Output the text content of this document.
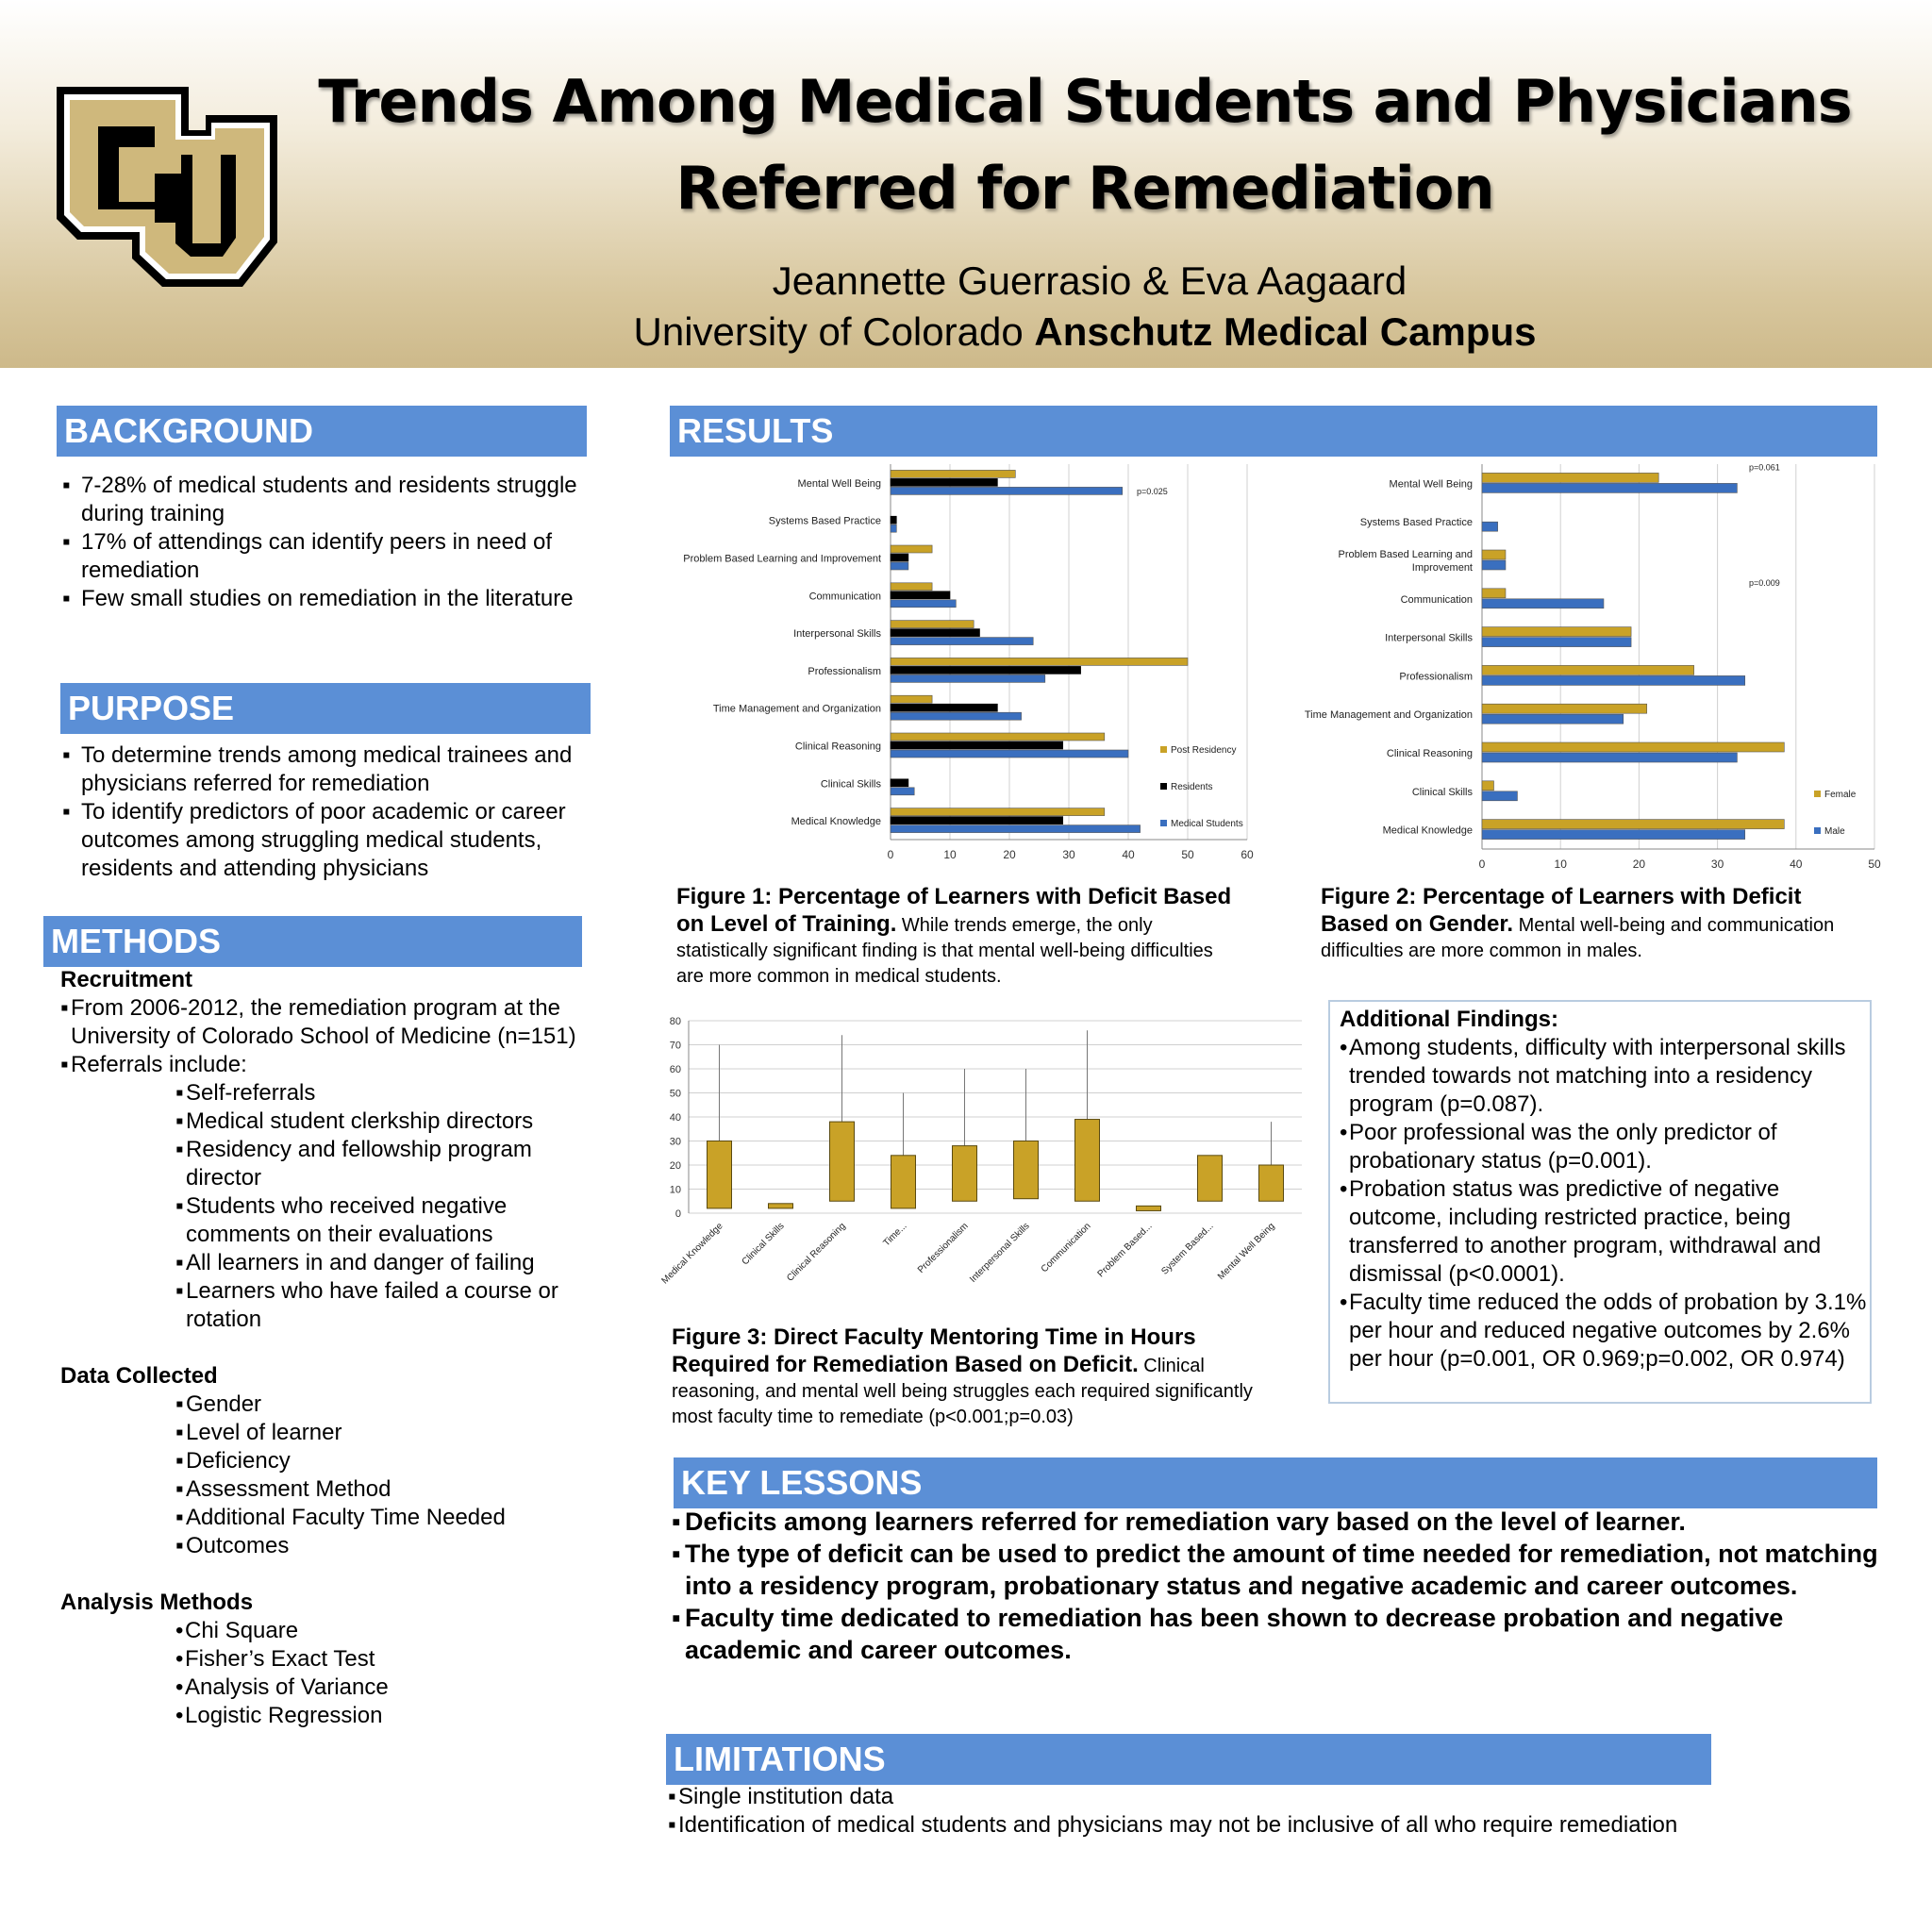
Trends Among Medical Students and Physicians
Referred for Remediation
Jeannette Guerrasio & Eva Aagaard
University of Colorado Anschutz Medical Campus
BACKGROUND
▪ 7-28% of medical students and residents struggle during training
▪ 17% of attendings can identify peers in need of remediation
▪ Few small studies on remediation in the literature
PURPOSE
▪ To determine trends among medical trainees and physicians referred for remediation
▪ To identify predictors of poor academic or career outcomes among struggling medical students, residents and attending physicians
METHODS
Recruitment
▪ From 2006-2012, the remediation program at the University of Colorado School of Medicine (n=151)
▪ Referrals include:
▪ Self-referrals
▪ Medical student clerkship directors
▪ Residency and fellowship program director
▪ Students who received negative comments on their evaluations
▪ All learners in and danger of failing
▪ Learners who have failed a course or rotation
Data Collected
▪ Gender
▪ Level of learner
▪ Deficiency
▪ Assessment Method
▪ Additional Faculty Time Needed
▪ Outcomes
Analysis Methods
• Chi Square
• Fisher’s Exact Test
• Analysis of Variance
• Logistic Regression
RESULTS
0	10	20	30	40	50	60
Mental Well Being
Systems Based Practice
Problem Based Learning and Improvement
Communication
Interpersonal Skills
Professionalism
Time Management and Organization
Clinical Reasoning
Clinical Skills
Medical Knowledge
p=0.025
Post Residency
Residents
Medical Students
0	10	20	30	40	50
Mental Well Being
Systems Based Practice
Problem Based Learning and
Improvement
Communication
Interpersonal Skills
Professionalism
Time Management and Organization
Clinical Reasoning
Clinical Skills
Medical Knowledge
p=0.061
p=0.009
Female
Male
Figure 1: Percentage of Learners with Deficit Based on Level of Training. While trends emerge, the only statistically significant finding is that mental well-being difficulties are more common in medical students.
Figure 2: Percentage of Learners with Deficit Based on Gender. Mental well-being and communication difficulties are more common in males.
0
10
20
30
40
50
60
70
80
Medical Knowledge Clinical Skills
Clinical Reasoning	Time... Professionalism
Interpersonal Skills Communication Problem Based... System Based... Mental Well Being
Figure 3: Direct Faculty Mentoring Time in Hours Required for Remediation Based on Deficit. Clinical reasoning, and mental well being struggles each required significantly most faculty time to remediate (p<0.001;p=0.03)
Additional Findings:
• Among students, difficulty with interpersonal skills trended towards not matching into a residency program (p=0.087).
• Poor professional was the only predictor of probationary status (p=0.001).
• Probation status was predictive of negative outcome, including restricted practice, being transferred to another program, withdrawal and dismissal (p<0.0001).
• Faculty time reduced the odds of probation by 3.1% per hour and reduced negative outcomes by 2.6% per hour (p=0.001, OR 0.969;p=0.002, OR 0.974)
KEY LESSONS
▪ Deficits among learners referred for remediation vary based on the level of learner.
▪ The type of deficit can be used to predict the amount of time needed for remediation, not matching into a residency program, probationary status and negative academic and career outcomes.
▪ Faculty time dedicated to remediation has been shown to decrease probation and negative academic and career outcomes.
LIMITATIONS
▪ Single institution data
▪ Identification of medical students and physicians may not be inclusive of all who require remediation
